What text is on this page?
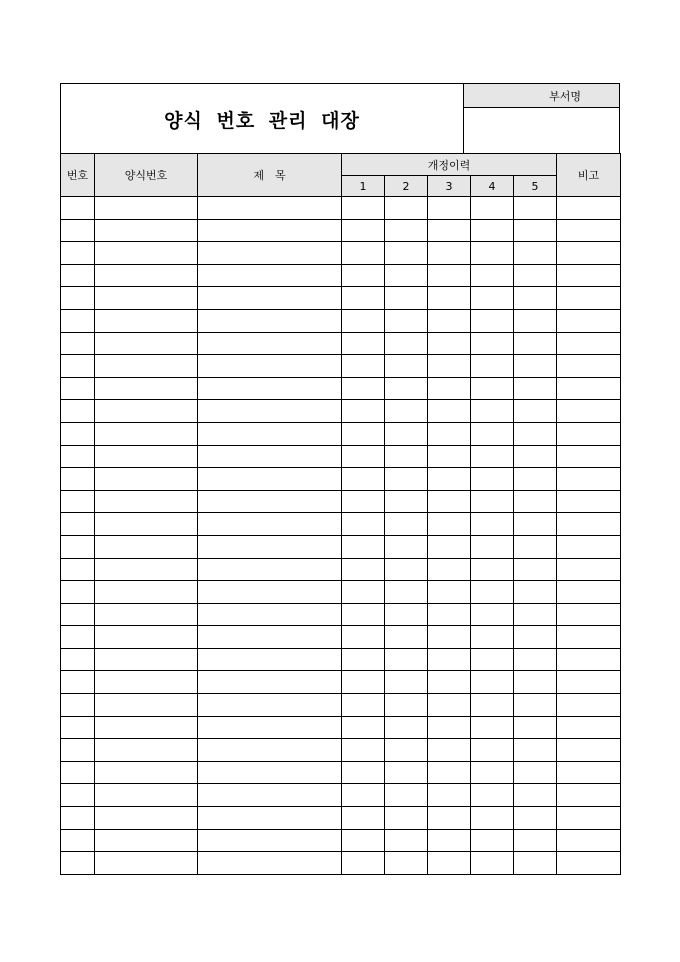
양식 번호 관리 대장
부서명
번호	양식번호	제　목	개정이력					비고
			1	2	3	4	5	
